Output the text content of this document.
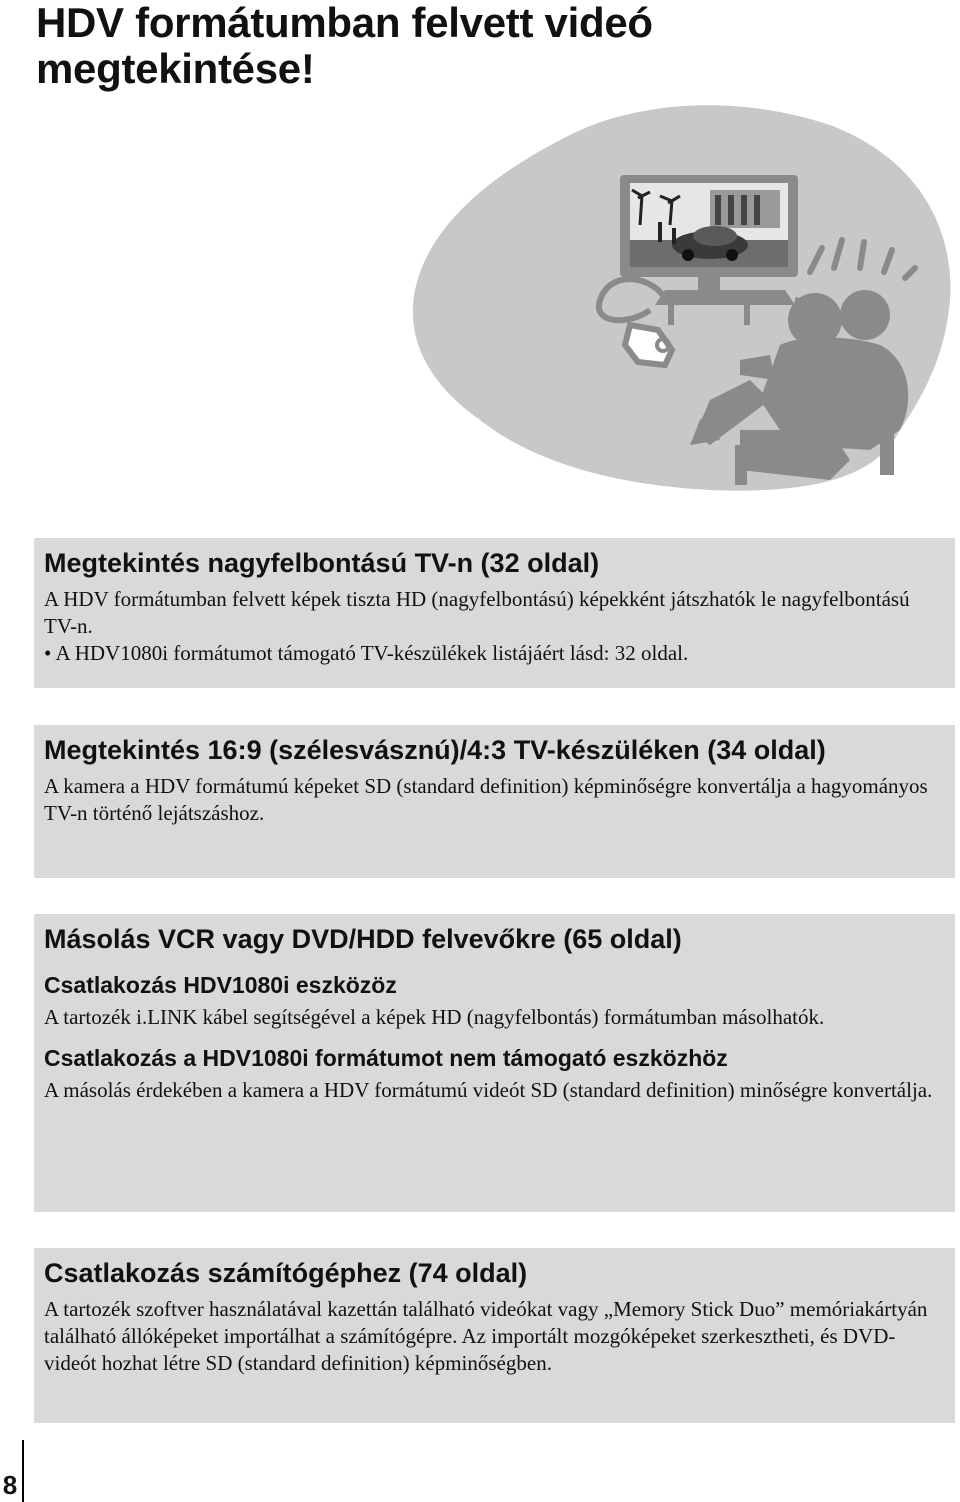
HDV formátumban felvett videó
megtekintése!
Megtekintés nagyfelbontású TV-n (32 oldal)

A HDV formátumban felvett képek tiszta HD (nagyfelbontású) képekként játszhatók le nagyfelbontású TV-n.

• A HDV1080i formátumot támogató TV-készülékek listájáért lásd: 32 oldal.

Megtekintés 16:9 (szélesvásznú)/4:3 TV-készüléken (34 oldal)

A kamera a HDV formátumú képeket SD (standard definition) képminőségre konvertálja a hagyományos TV-n történő lejátszáshoz.

Másolás VCR vagy DVD/HDD felvevőkre (65 oldal)
Csatlakozás HDV1080i eszközöz

A tartozék i.LINK kábel segítségével a képek HD (nagyfelbontás) formátumban másolhatók.

Csatlakozás a HDV1080i formátumot nem támogató eszközhöz

A másolás érdekében a kamera a HDV formátumú videót SD (standard definition) minőségre konvertálja.

Csatlakozás számítógéphez (74 oldal)

A tartozék szoftver használatával kazettán található videókat vagy „Memory Stick Duo” memóriakártyán található állóképeket importálhat a számítógépre. Az importált mozgóképeket szerkesztheti, és DVD-videót hozhat létre SD (standard definition) képminőségben.

8
